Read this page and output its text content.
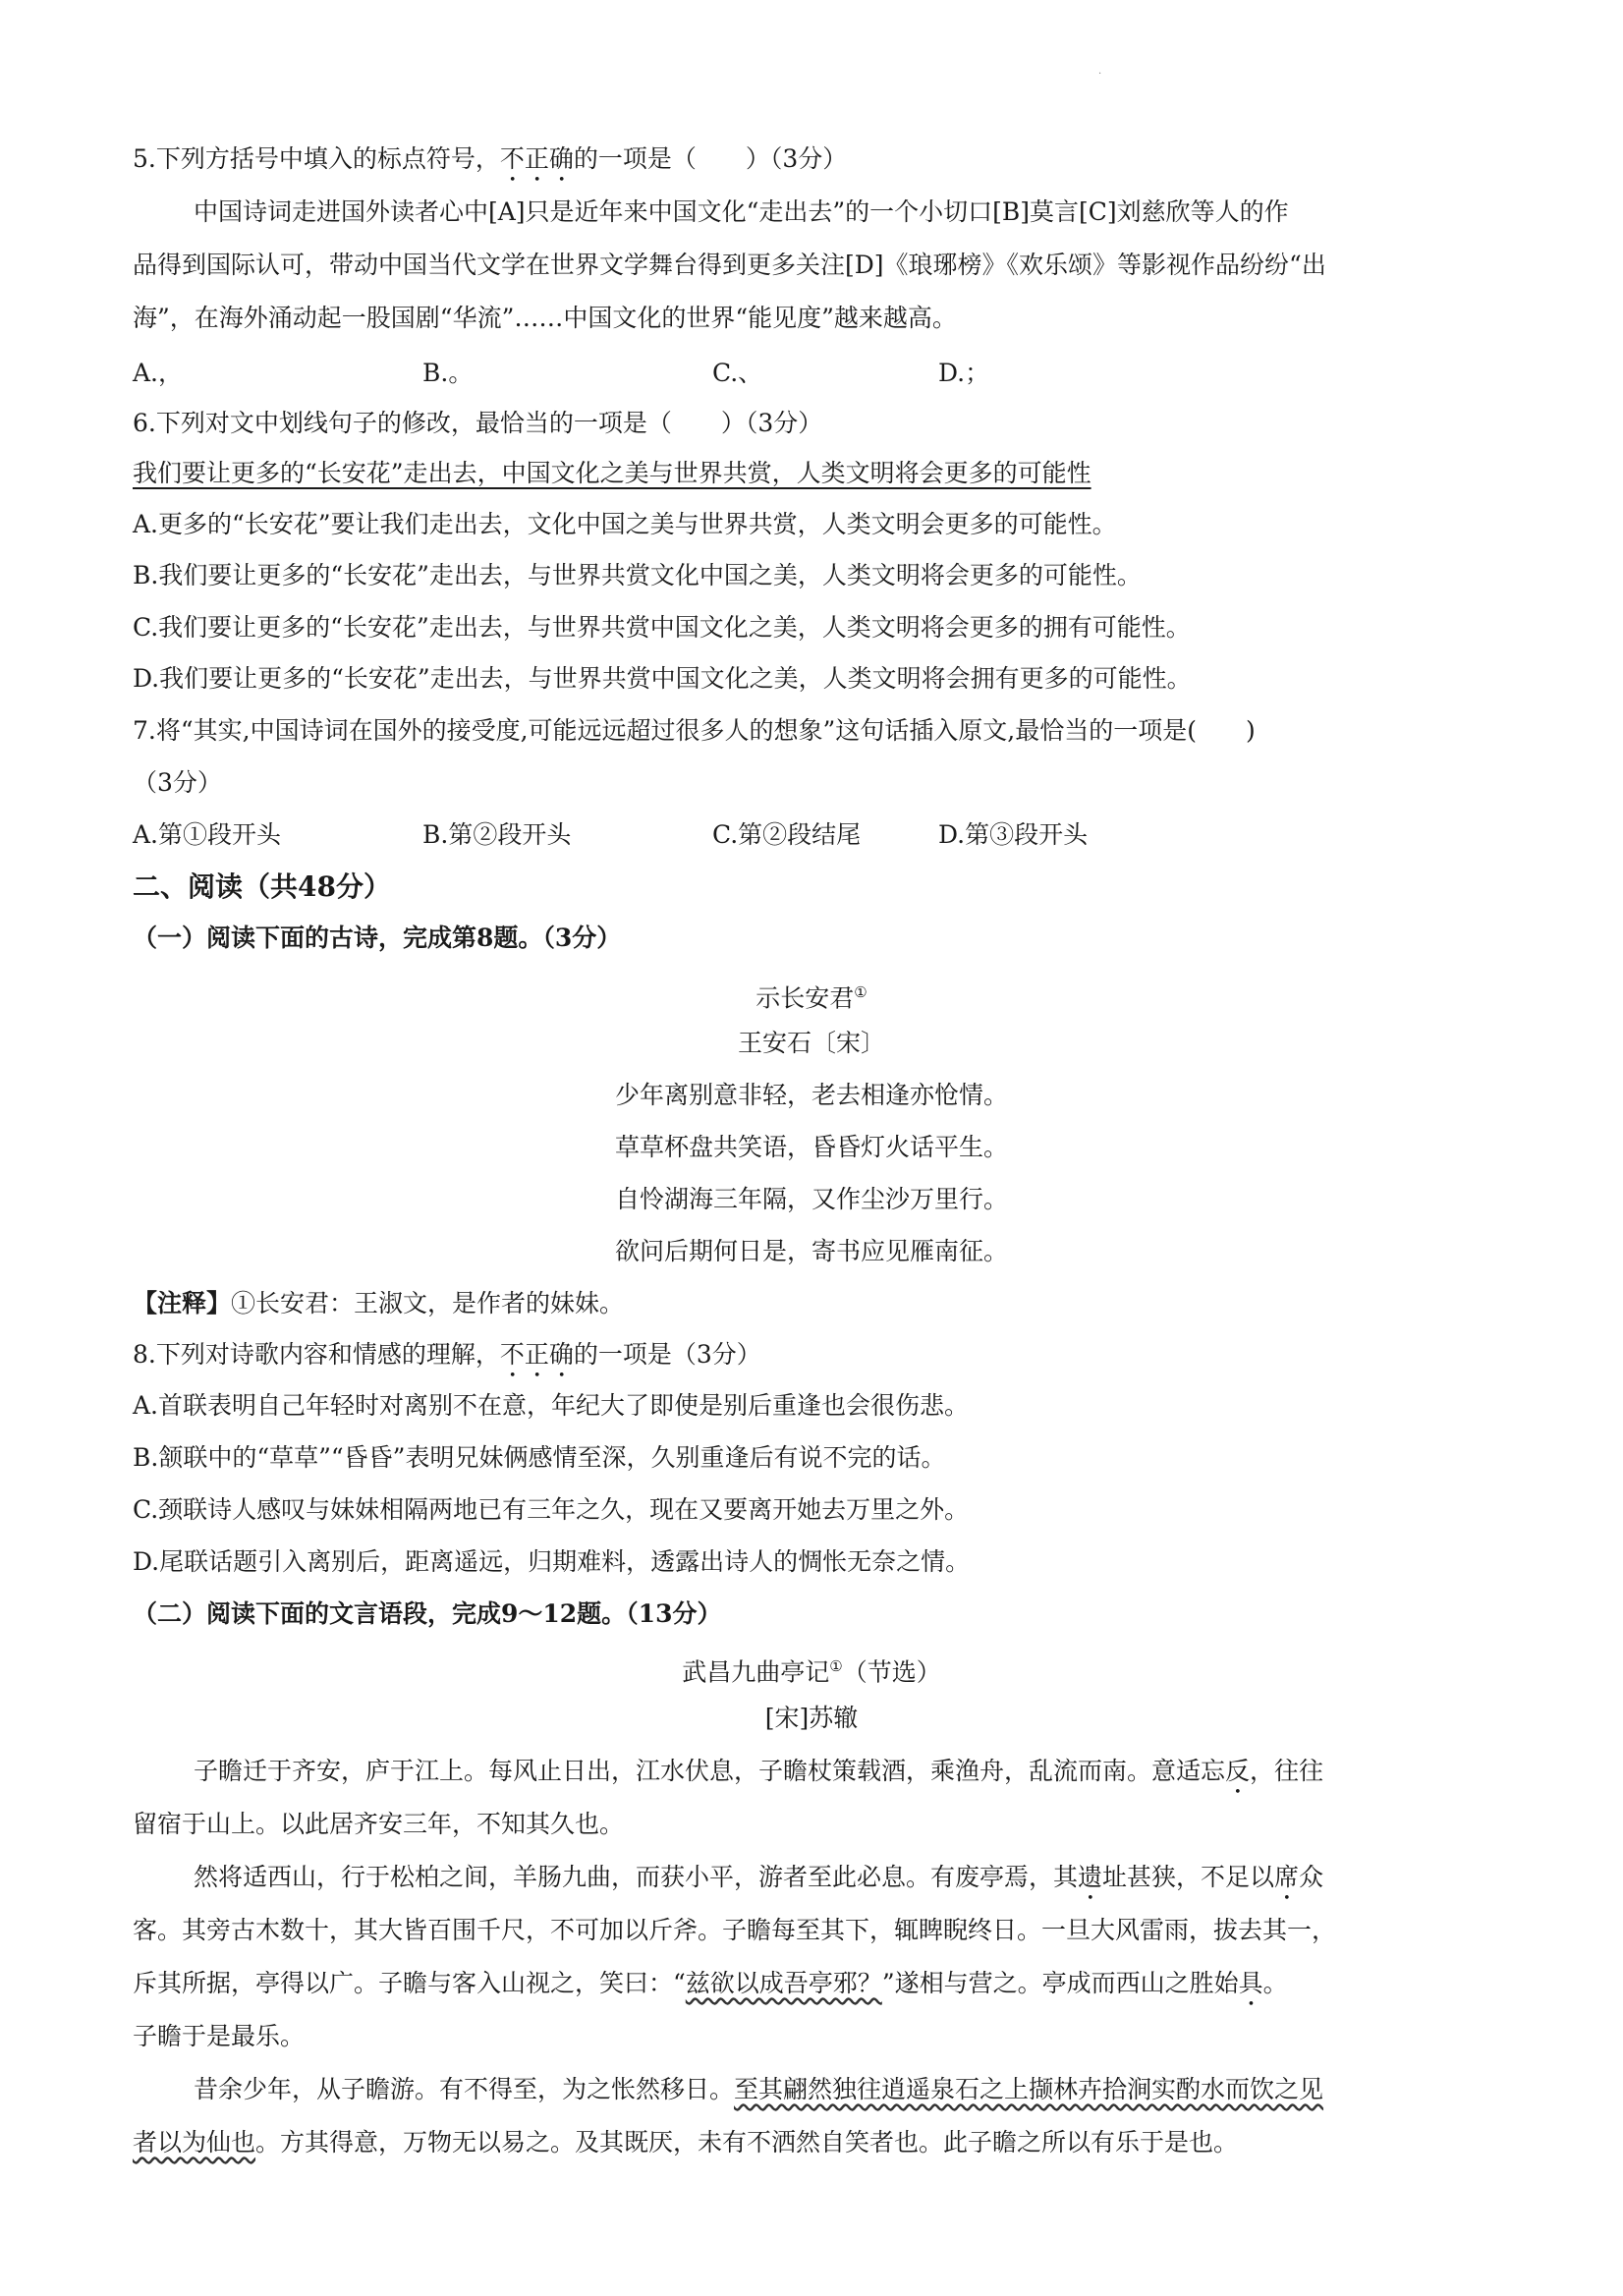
·
5.下列方括号中填入的标点符号，不正确的一项是（　　）（3分）
中国诗词走进国外读者心中[A]只是近年来中国文化“走出去”的一个小切口[B]莫言[C]刘慈欣等人的作
品得到国际认可，带动中国当代文学在世界文学舞台得到更多关注[D]《琅琊榜》《欢乐颂》等影视作品纷纷“出
海”，在海外涌动起一股国剧“华流”……中国文化的世界“能见度”越来越高。
A.，	B.。	C.、	D.；
6.下列对文中划线句子的修改，最恰当的一项是（　　）（3分）
我们要让更多的“长安花”走出去，中国文化之美与世界共赏，人类文明将会更多的可能性
A.更多的“长安花”要让我们走出去，文化中国之美与世界共赏，人类文明会更多的可能性。
B.我们要让更多的“长安花”走出去，与世界共赏文化中国之美，人类文明将会更多的可能性。
C.我们要让更多的“长安花”走出去，与世界共赏中国文化之美，人类文明将会更多的拥有可能性。
D.我们要让更多的“长安花”走出去，与世界共赏中国文化之美，人类文明将会拥有更多的可能性。
7.将“其实,中国诗词在国外的接受度,可能远远超过很多人的想象”这句话插入原文,最恰当的一项是(　　)
（3分）
A.第①段开头	B.第②段开头	C.第②段结尾	D.第③段开头
二、阅读（共48分）
（一）阅读下面的古诗，完成第8题。（3分）
示长安君①
王安石〔宋〕
少年离别意非轻，老去相逢亦怆情。
草草杯盘共笑语，昏昏灯火话平生。
自怜湖海三年隔，又作尘沙万里行。
欲问后期何日是，寄书应见雁南征。
【注释】①长安君：王淑文，是作者的妹妹。
8.下列对诗歌内容和情感的理解，不正确的一项是（3分）
A.首联表明自己年轻时对离别不在意，年纪大了即使是别后重逢也会很伤悲。
B.颔联中的“草草”“昏昏”表明兄妹俩感情至深，久别重逢后有说不完的话。
C.颈联诗人感叹与妹妹相隔两地已有三年之久，现在又要离开她去万里之外。
D.尾联话题引入离别后，距离遥远，归期难料，透露出诗人的惆怅无奈之情。
（二）阅读下面的文言语段，完成9～12题。（13分）
武昌九曲亭记①（节选）
[宋]苏辙
子瞻迁于齐安，庐于江上。每风止日出，江水伏息，子瞻杖策载酒，乘渔舟，乱流而南。意适忘反，往往
留宿于山上。以此居齐安三年，不知其久也。
然将适西山，行于松柏之间，羊肠九曲，而获小平，游者至此必息。有废亭焉，其遗址甚狭，不足以席众
客。其旁古木数十，其大皆百围千尺，不可加以斤斧。子瞻每至其下，辄睥睨终日。一旦大风雷雨，拔去其一，
斥其所据，亭得以广。子瞻与客入山视之，笑曰：“兹欲以成吾亭邪？”遂相与营之。亭成而西山之胜始具。
子瞻于是最乐。
昔余少年，从子瞻游。有不得至，为之怅然移日。至其翩然独往逍遥泉石之上撷林卉拾涧实酌水而饮之见
者以为仙也。方其得意，万物无以易之。及其既厌，未有不洒然自笑者也。此子瞻之所以有乐于是也。
